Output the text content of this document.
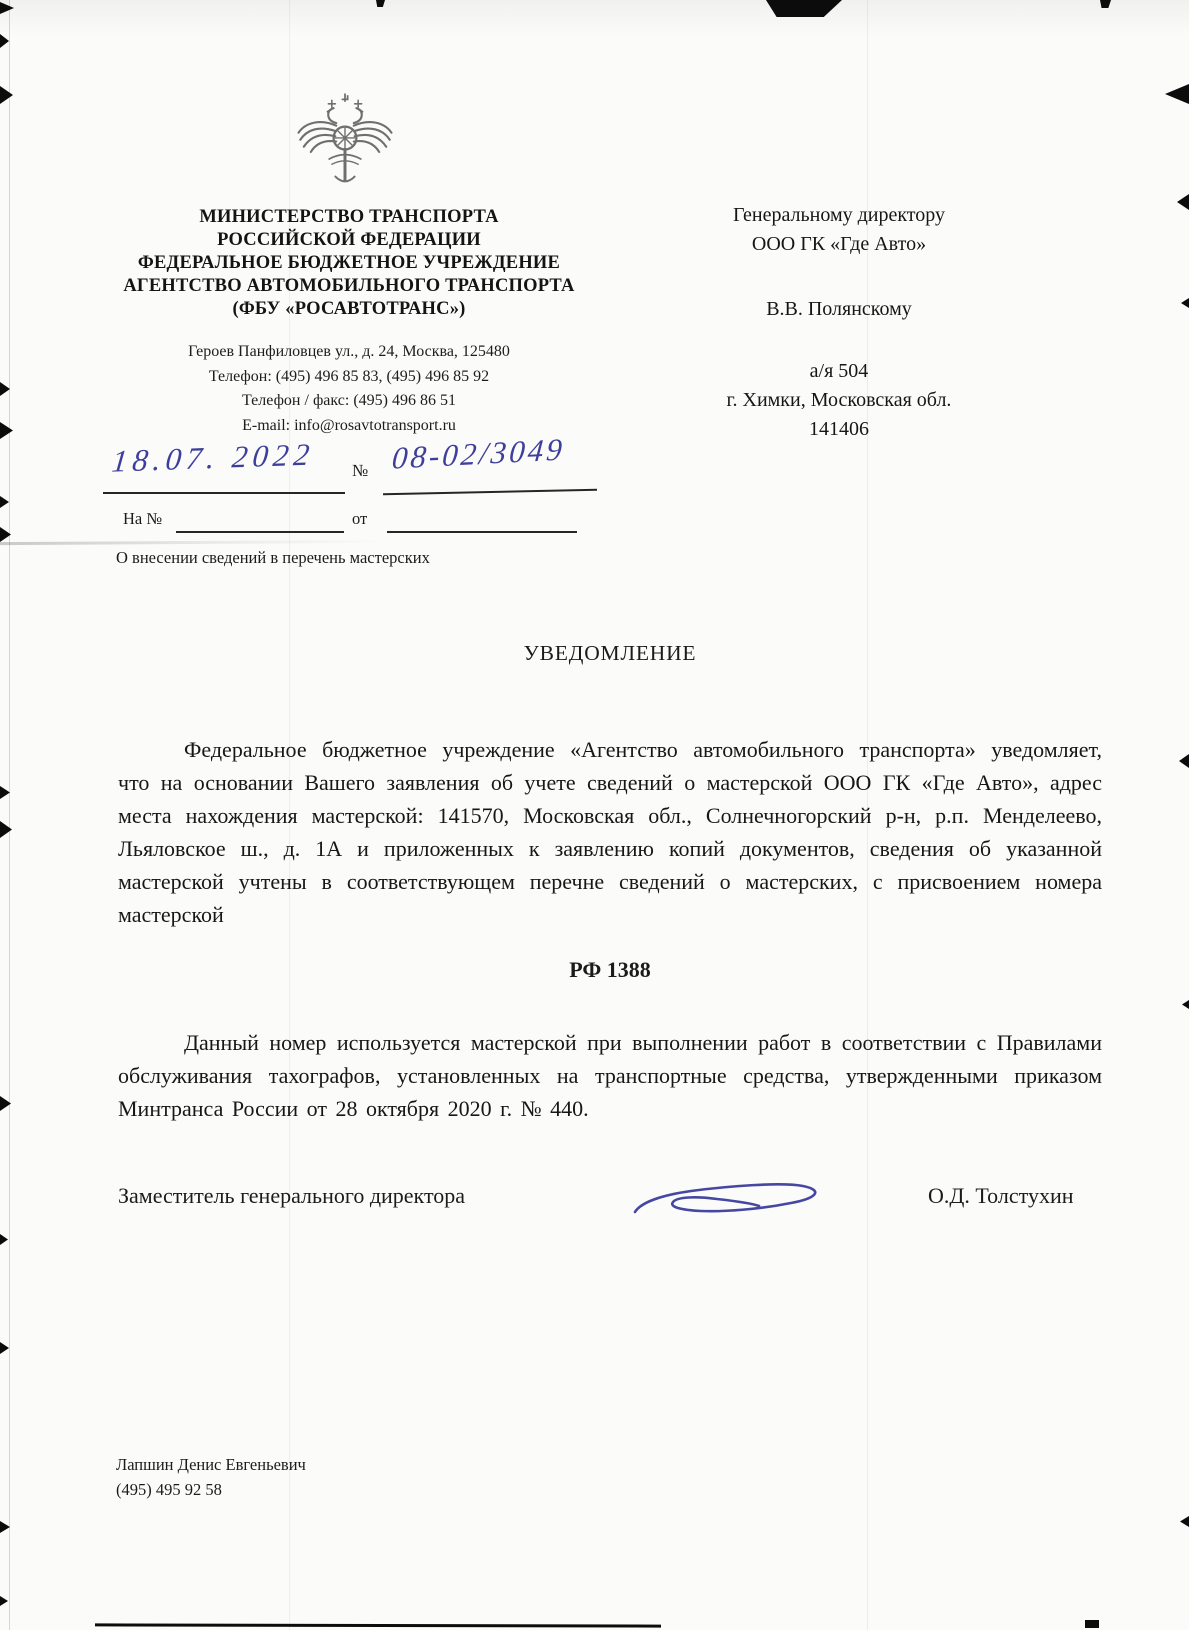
МИНИСТЕРСТВО ТРАНСПОРТА
РОССИЙСКОЙ ФЕДЕРАЦИИ
ФЕДЕРАЛЬНОЕ БЮДЖЕТНОЕ УЧРЕЖДЕНИЕ
АГЕНТСТВО АВТОМОБИЛЬНОГО ТРАНСПОРТА
(ФБУ «РОСАВТОТРАНС»)
Героев Панфиловцев ул., д. 24, Москва, 125480
Телефон: (495) 496 85 83, (495) 496 85 92
Телефон / факс: (495) 496 86 51
E-mail: info@rosavtotransport.ru
18.07. 2022 № 08-02/3049
На №	от
О внесении сведений в перечень мастерских
Генеральному директору
ООО ГК «Где Авто»
В.В. Полянскому
а/я 504
г. Химки, Московская обл.
141406
УВЕДОМЛЕНИЕ
Федеральное бюджетное учреждение «Агентство автомобильного транспорта» уведомляет, что на основании Вашего заявления об учете сведений о мастерской ООО ГК «Где Авто», адрес места нахождения мастерской: 141570, Московская обл., Солнечногорский р-н, р.п. Менделеево, Льяловское ш., д. 1А и приложенных к заявлению копий документов, сведения об указанной мастерской учтены в соответствующем перечне сведений о мастерских, с присвоением номера мастерской
РФ 1388
Данный номер используется мастерской при выполнении работ в соответствии с Правилами обслуживания тахографов, установленных на транспортные средства, утвержденными приказом Минтранса России от 28 октября 2020 г. № 440.
Заместитель генерального директора	О.Д. Толстухин
Лапшин Денис Евгеньевич
(495) 495 92 58
